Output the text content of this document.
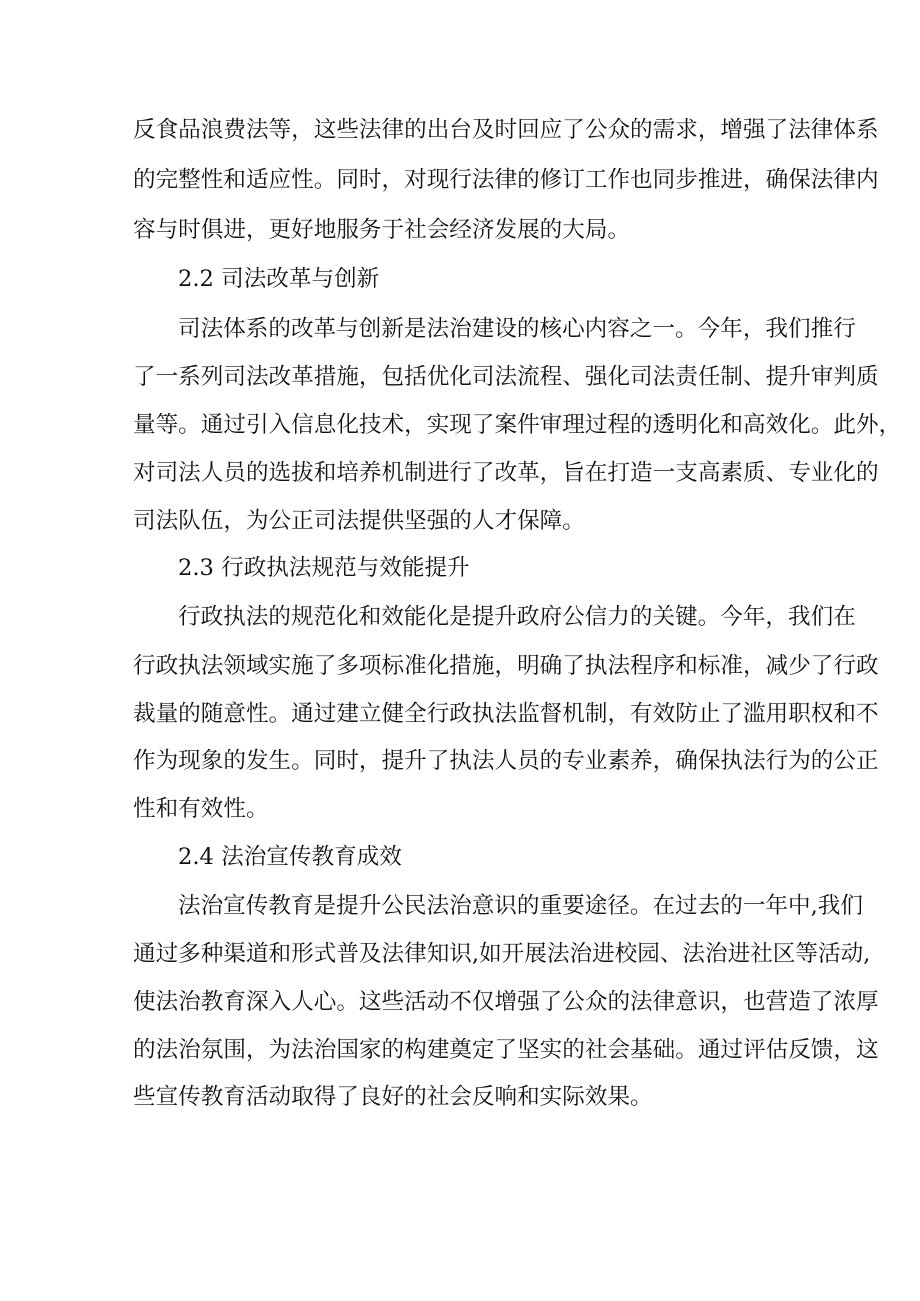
反食品浪费法等，这些法律的出台及时回应了公众的需求，增强了法律体系
的完整性和适应性。同时，对现行法律的修订工作也同步推进，确保法律内
容与时俱进，更好地服务于社会经济发展的大局。
2.2 司法改革与创新
司法体系的改革与创新是法治建设的核心内容之一。今年，我们推行
了一系列司法改革措施，包括优化司法流程、强化司法责任制、提升审判质
量等。通过引入信息化技术，实现了案件审理过程的透明化和高效化。此外，
对司法人员的选拔和培养机制进行了改革，旨在打造一支高素质、专业化的
司法队伍，为公正司法提供坚强的人才保障。
2.3 行政执法规范与效能提升
行政执法的规范化和效能化是提升政府公信力的关键。今年，我们在
行政执法领域实施了多项标准化措施，明确了执法程序和标准，减少了行政
裁量的随意性。通过建立健全行政执法监督机制，有效防止了滥用职权和不
作为现象的发生。同时，提升了执法人员的专业素养，确保执法行为的公正
性和有效性。
2.4 法治宣传教育成效
法治宣传教育是提升公民法治意识的重要途径。在过去的一年中,我们
通过多种渠道和形式普及法律知识,如开展法治进校园、法治进社区等活动,
使法治教育深入人心。这些活动不仅增强了公众的法律意识，也营造了浓厚
的法治氛围，为法治国家的构建奠定了坚实的社会基础。通过评估反馈，这
些宣传教育活动取得了良好的社会反响和实际效果。
